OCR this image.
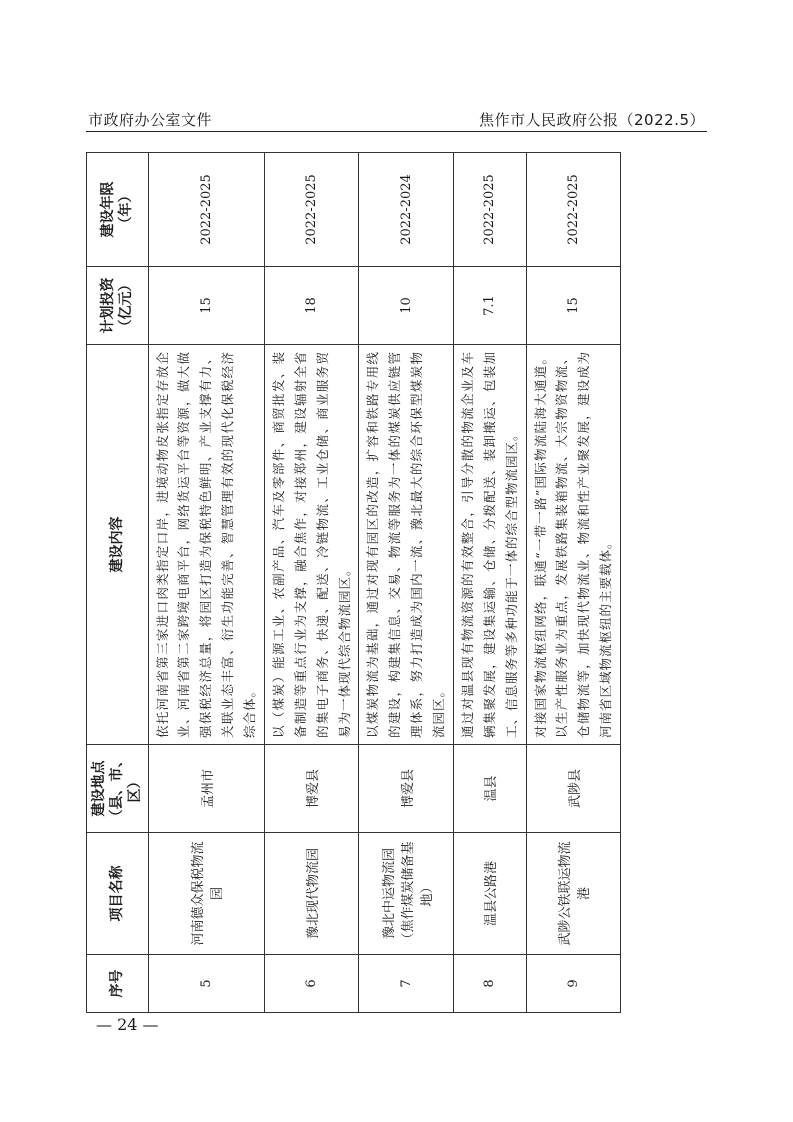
市政府办公室文件	焦作市人民政府公报（2022.5）
序号	项目名称	建设地点 （县、市、区）	建设内容	计划投资 （亿元）	建设年限 （年）

5	河南德众保税物流园	孟州市	依托河南省第三家进口肉类指定口岸，进境动物皮张指定存放企业、河南省第二家跨境电商平台，网络货运平台等资源，做大做强保税经济总量，将园区打造为保税特色鲜明、产业支撑有力、关联业态丰富、衍生功能完善、智慧管理有效的现代化保税经济综合体。	15	2022-2025
6	豫北现代物流园	博爱县	以（煤炭）能源工业、农副产品、汽车及零部件、商贸批发、装备制造等重点行业为支撑，融合焦作，对接郑州，建设辐射全省的集电子商务、快递、配送、冷链物流、工业仓储、商业服务贸易为一体现代综合物流园区。	18	2022-2025
7	豫北中运物流园（焦作煤炭储备基地）	博爱县	以煤炭物流为基础，通过对现有园区的改造，扩容和铁路专用线的建设，构建集信息、交易、物流等服务为一体的煤炭供应链管理体系，努力打造成为国内一流、豫北最大的综合环保型煤炭物流园区。	10	2022-2024
8	温县公路港	温县	通过对温县现有物流资源的有效整合，引导分散的物流企业及车辆集聚发展，建设集运输、仓储、分拨配送、装卸搬运、包装加工、信息服务等多种功能于一体的综合型物流园区。	7.1	2022-2025
9	武陟公铁联运物流港	武陟县	对接国家物流枢纽网络，联通“一带一路”国际物流陆海大通道。以生产性服务业为重点，发展铁路集装箱物流、大宗物资物流、仓储物流等，加快现代物流业、物流和性产业聚发展，建设成为河南省区域物流枢纽的主要载体。	15	2022-2025
— 24 —
